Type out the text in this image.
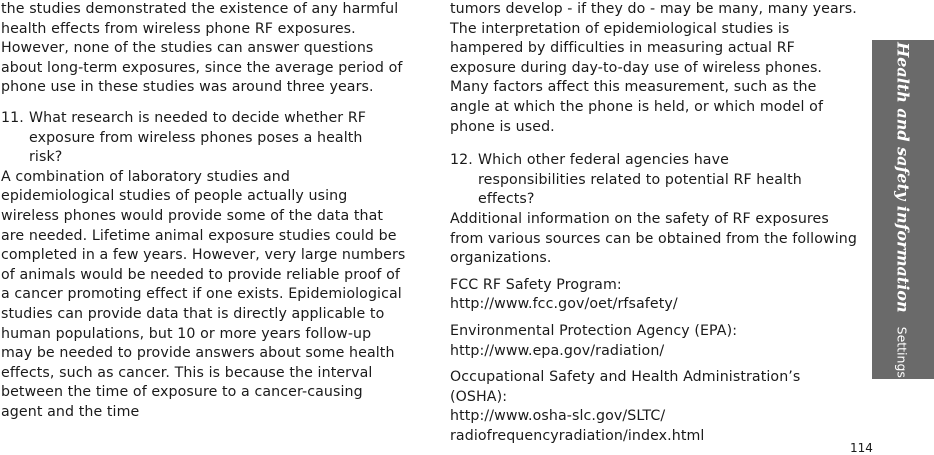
the studies demonstrated the existence of any harmful health effects from wireless phone RF exposures. However, none of the studies can answer questions about long-term exposures, since the average period of phone use in these studies was around three years.

11. What research is needed to decide whether RF exposure from wireless phones poses a health risk?

A combination of laboratory studies and epidemiological studies of people actually using wireless phones would provide some of the data that are needed. Lifetime animal exposure studies could be completed in a few years. However, very large numbers of animals would be needed to provide reliable proof of a cancer promoting effect if one exists. Epidemiological studies can provide data that is directly applicable to human populations, but 10 or more years follow-up may be needed to provide answers about some health effects, such as cancer. This is because the interval between the time of exposure to a cancer-causing agent and the time

tumors develop - if they do - may be many, many years. The interpretation of epidemiological studies is hampered by difficulties in measuring actual RF exposure during day-to-day use of wireless phones. Many factors affect this measurement, such as the angle at which the phone is held, or which model of phone is used.

12. Which other federal agencies have responsibilities related to potential RF health effects?

Additional information on the safety of RF exposures from various sources can be obtained from the following organizations.

FCC RF Safety Program:

http://www.fcc.gov/oet/rfsafety/

Environmental Protection Agency (EPA):

http://www.epa.gov/radiation/

Occupational Safety and Health Administration’s (OSHA):

http://www.osha-slc.gov/SLTC/ radiofrequencyradiation/index.html

Health and safety informationSettings
114
